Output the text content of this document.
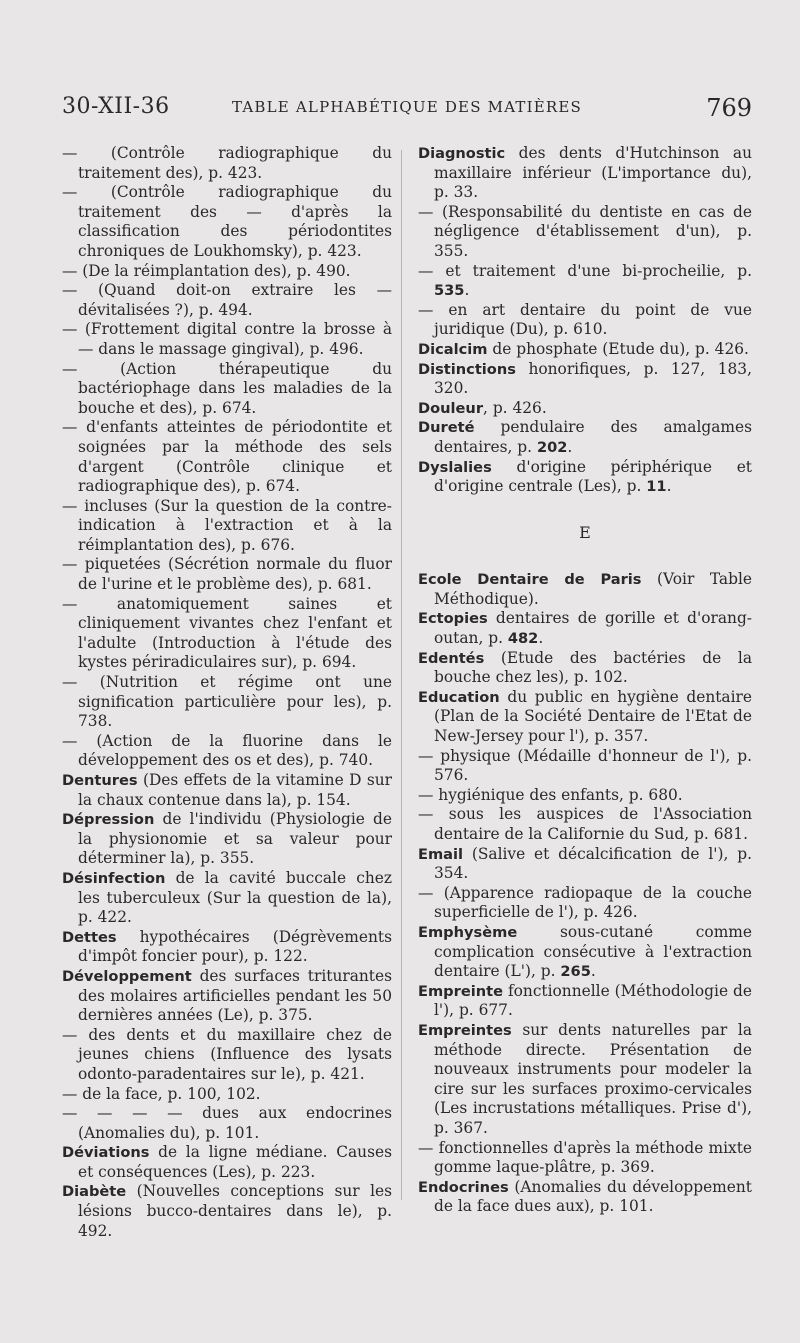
30-XII-36	TABLE ALPHABÉTIQUE DES MATIÈRES	769

— (Contrôle radiographique du traitement des), p. 423.

— (Contrôle radiographique du traitement des — d'après la classification des périodontites chroniques de Loukhomsky), p. 423.

— (De la réimplantation des), p. 490.

— (Quand doit-on extraire les — dévitalisées ?), p. 494.

— (Frottement digital contre la brosse à — dans le massage gingival), p. 496.

— (Action thérapeutique du bactériophage dans les maladies de la bouche et des), p. 674.

— d'enfants atteintes de périodontite et soignées par la méthode des sels d'argent (Contrôle clinique et radiographique des), p. 674.

— incluses (Sur la question de la contre-indication à l'extraction et à la réimplantation des), p. 676.

— piquetées (Sécrétion normale du fluor de l'urine et le problème des), p. 681.

— anatomiquement saines et cliniquement vivantes chez l'enfant et l'adulte (Introduction à l'étude des kystes périradiculaires sur), p. 694.

— (Nutrition et régime ont une signification particulière pour les), p. 738.

— (Action de la fluorine dans le développement des os et des), p. 740.

Dentures (Des effets de la vitamine D sur la chaux contenue dans la), p. 154.

Dépression de l'individu (Physiologie de la physionomie et sa valeur pour déterminer la), p. 355.

Désinfection de la cavité buccale chez les tuberculeux (Sur la question de la), p. 422.

Dettes hypothécaires (Dégrèvements d'impôt foncier pour), p. 122.

Développement des surfaces triturantes des molaires artificielles pendant les 50 dernières années (Le), p. 375.

— des dents et du maxillaire chez de jeunes chiens (Influence des lysats odonto-paradentaires sur le), p. 421.

— de la face, p. 100, 102.

— — — — dues aux endocrines (Anomalies du), p. 101.

Déviations de la ligne médiane. Causes et conséquences (Les), p. 223.

Diabète (Nouvelles conceptions sur les lésions bucco-dentaires dans le), p. 492.

Diagnostic des dents d'Hutchinson au maxillaire inférieur (L'importance du), p. 33.

— (Responsabilité du dentiste en cas de négligence d'établissement d'un), p. 355.

— et traitement d'une bi-procheilie, p. 535.

— en art dentaire du point de vue juridique (Du), p. 610.

Dicalcim de phosphate (Etude du), p. 426.

Distinctions honorifiques, p. 127, 183, 320.

Douleur, p. 426.

Dureté pendulaire des amalgames dentaires, p. 202.

Dyslalies d'origine périphérique et d'origine centrale (Les), p. 11.

E

Ecole Dentaire de Paris (Voir Table Méthodique).

Ectopies dentaires de gorille et d'orang-outan, p. 482.

Edentés (Etude des bactéries de la bouche chez les), p. 102.

Education du public en hygiène dentaire (Plan de la Société Dentaire de l'Etat de New-Jersey pour l'), p. 357.

— physique (Médaille d'honneur de l'), p. 576.

— hygiénique des enfants, p. 680.

— sous les auspices de l'Association dentaire de la Californie du Sud, p. 681.

Email (Salive et décalcification de l'), p. 354.

— (Apparence radiopaque de la couche superficielle de l'), p. 426.

Emphysème sous-cutané comme complication consécutive à l'extraction dentaire (L'), p. 265.

Empreinte fonctionnelle (Méthodologie de l'), p. 677.

Empreintes sur dents naturelles par la méthode directe. Présentation de nouveaux instruments pour modeler la cire sur les surfaces proximo-cervicales (Les incrustations métalliques. Prise d'), p. 367.

— fonctionnelles d'après la méthode mixte gomme laque-plâtre, p. 369.

Endocrines (Anomalies du développement de la face dues aux), p. 101.
